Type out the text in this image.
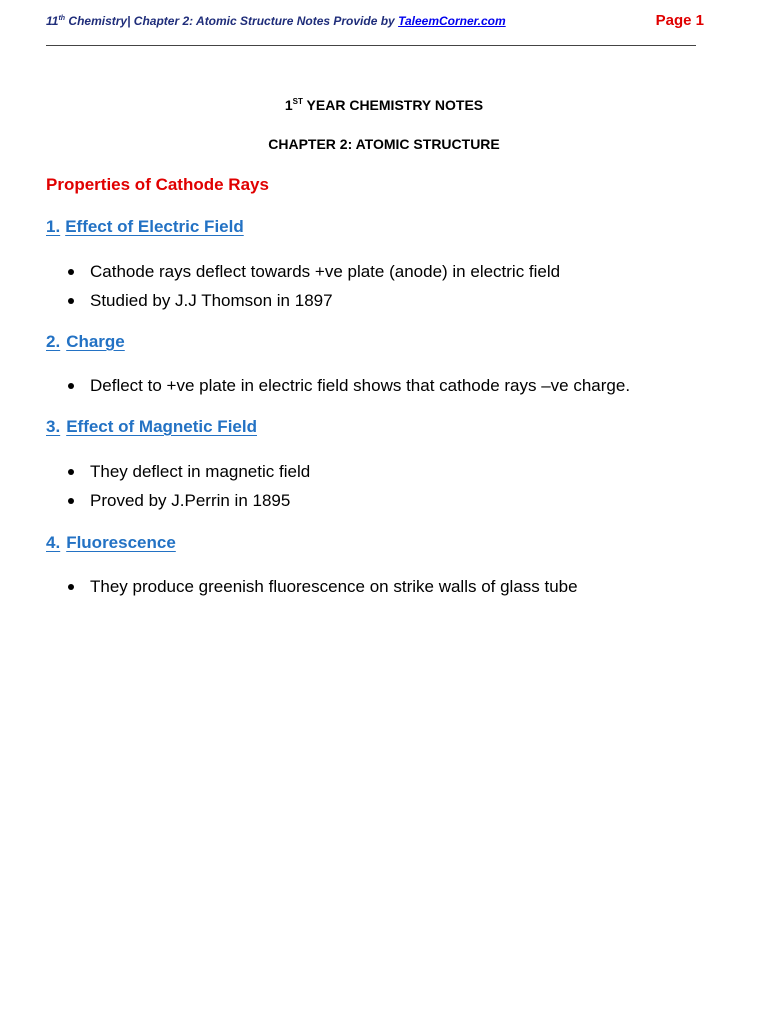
11th Chemistry| Chapter 2: Atomic Structure Notes Provide by TaleemCorner.com	Page 1
1ST YEAR CHEMISTRY NOTES
CHAPTER 2: ATOMIC STRUCTURE
Properties of Cathode Rays
1. Effect of Electric Field
Cathode rays deflect towards +ve plate (anode) in electric field
Studied by J.J Thomson in 1897
2. Charge
Deflect to +ve plate in electric field shows that cathode rays –ve charge.
3. Effect of Magnetic Field
They deflect in magnetic field
Proved by J.Perrin in 1895
4. Fluorescence
They produce greenish fluorescence on strike walls of glass tube
